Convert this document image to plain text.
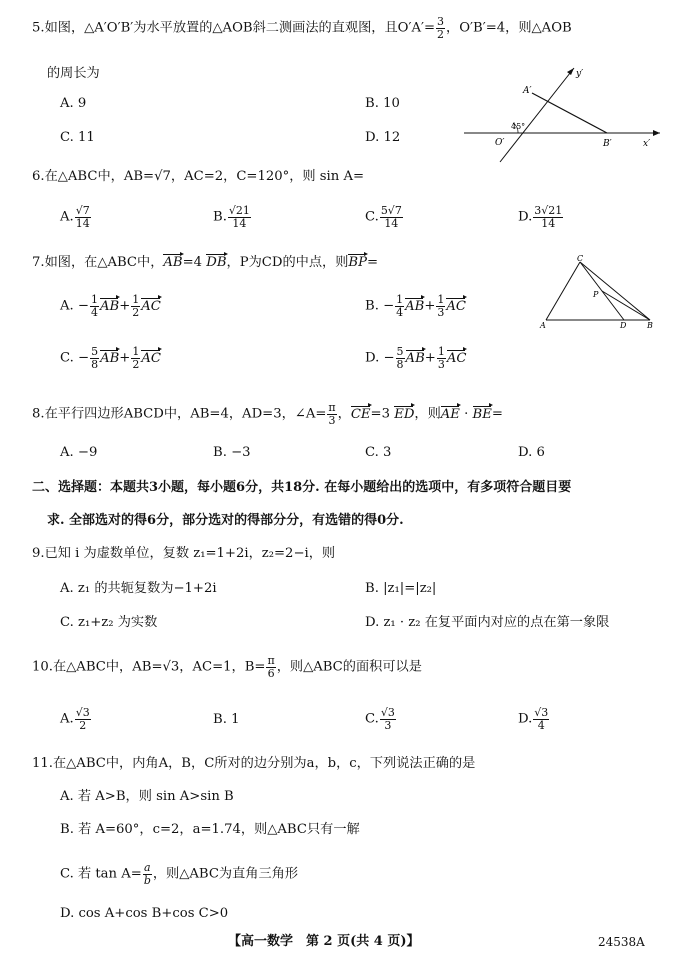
5.如图，△A′O′B′为水平放置的△AOB斜二测画法的直观图，且$O'A'= \frac{3}{2}$ ，O′B′=4，则△AOB
的周长为
A. 9	B. 10
C. 11	D. 12
y′
A′
45°
O′	B′	x′
6.在△ABC中，AB=√7，AC=2，C=120°，则 sin A=
A. $\frac{√7}{14}$	B. $\frac{√21}{14}$	C. $\frac{5√7}{14}$	D. $\frac{3√21}{14}$
7.如图，在△ABC中，AB=4 DB，P为CD的中点，则BP=
A. − $\frac{1}{4} AB+ \frac{1}{2}$ AC	B. − $\frac{1}{4} AB+ \frac{1}{3}$ AC
C. − $\frac{5}{8} AB+ \frac{1}{2}$ AC	D. − $\frac{5}{8} AB+ \frac{1}{3}$ AC
C
P
A	D	B
8.在平行四边形ABCD中，AB=4，AD=3，∠A= $\frac{\pi}{3}$ ，CE=3 ED，则AE · BE=
A. −9	B. −3	C. 3	D. 6
二、选择题：本题共3小题，每小题6分，共18分. 在每小题给出的选项中，有多项符合题目要
求. 全部选对的得6分，部分选对的得部分分，有选错的得0分.
9.已知 i 为虚数单位，复数 z₁=1+2i，z₂=2−i，则
A. z₁ 的共轭复数为−1+2i	B. |z₁|=|z₂|
C. z₁+z₂ 为实数	D. z₁ · z₂ 在复平面内对应的点在第一象限
10.在△ABC中，AB=√3，AC=1，$B= \frac{\pi}{6}$ ，则△ABC的面积可以是
A. $\frac{√3}{2}$	B. 1	C. $\frac{√3}{3}$	D. $\frac{√3}{4}$
11.在△ABC中，内角A，B，C所对的边分别为a，b，c，下列说法正确的是
A. 若 A>B，则 sin A>sin B
B. 若 A=60°，c=2，a=1.74，则△ABC只有一解
C. 若 $\tan A= \frac{a}{b}$ ，则△ABC为直角三角形
D. cos A+cos B+cos C>0
【高一数学　第 2 页(共 4 页)】	24538A
